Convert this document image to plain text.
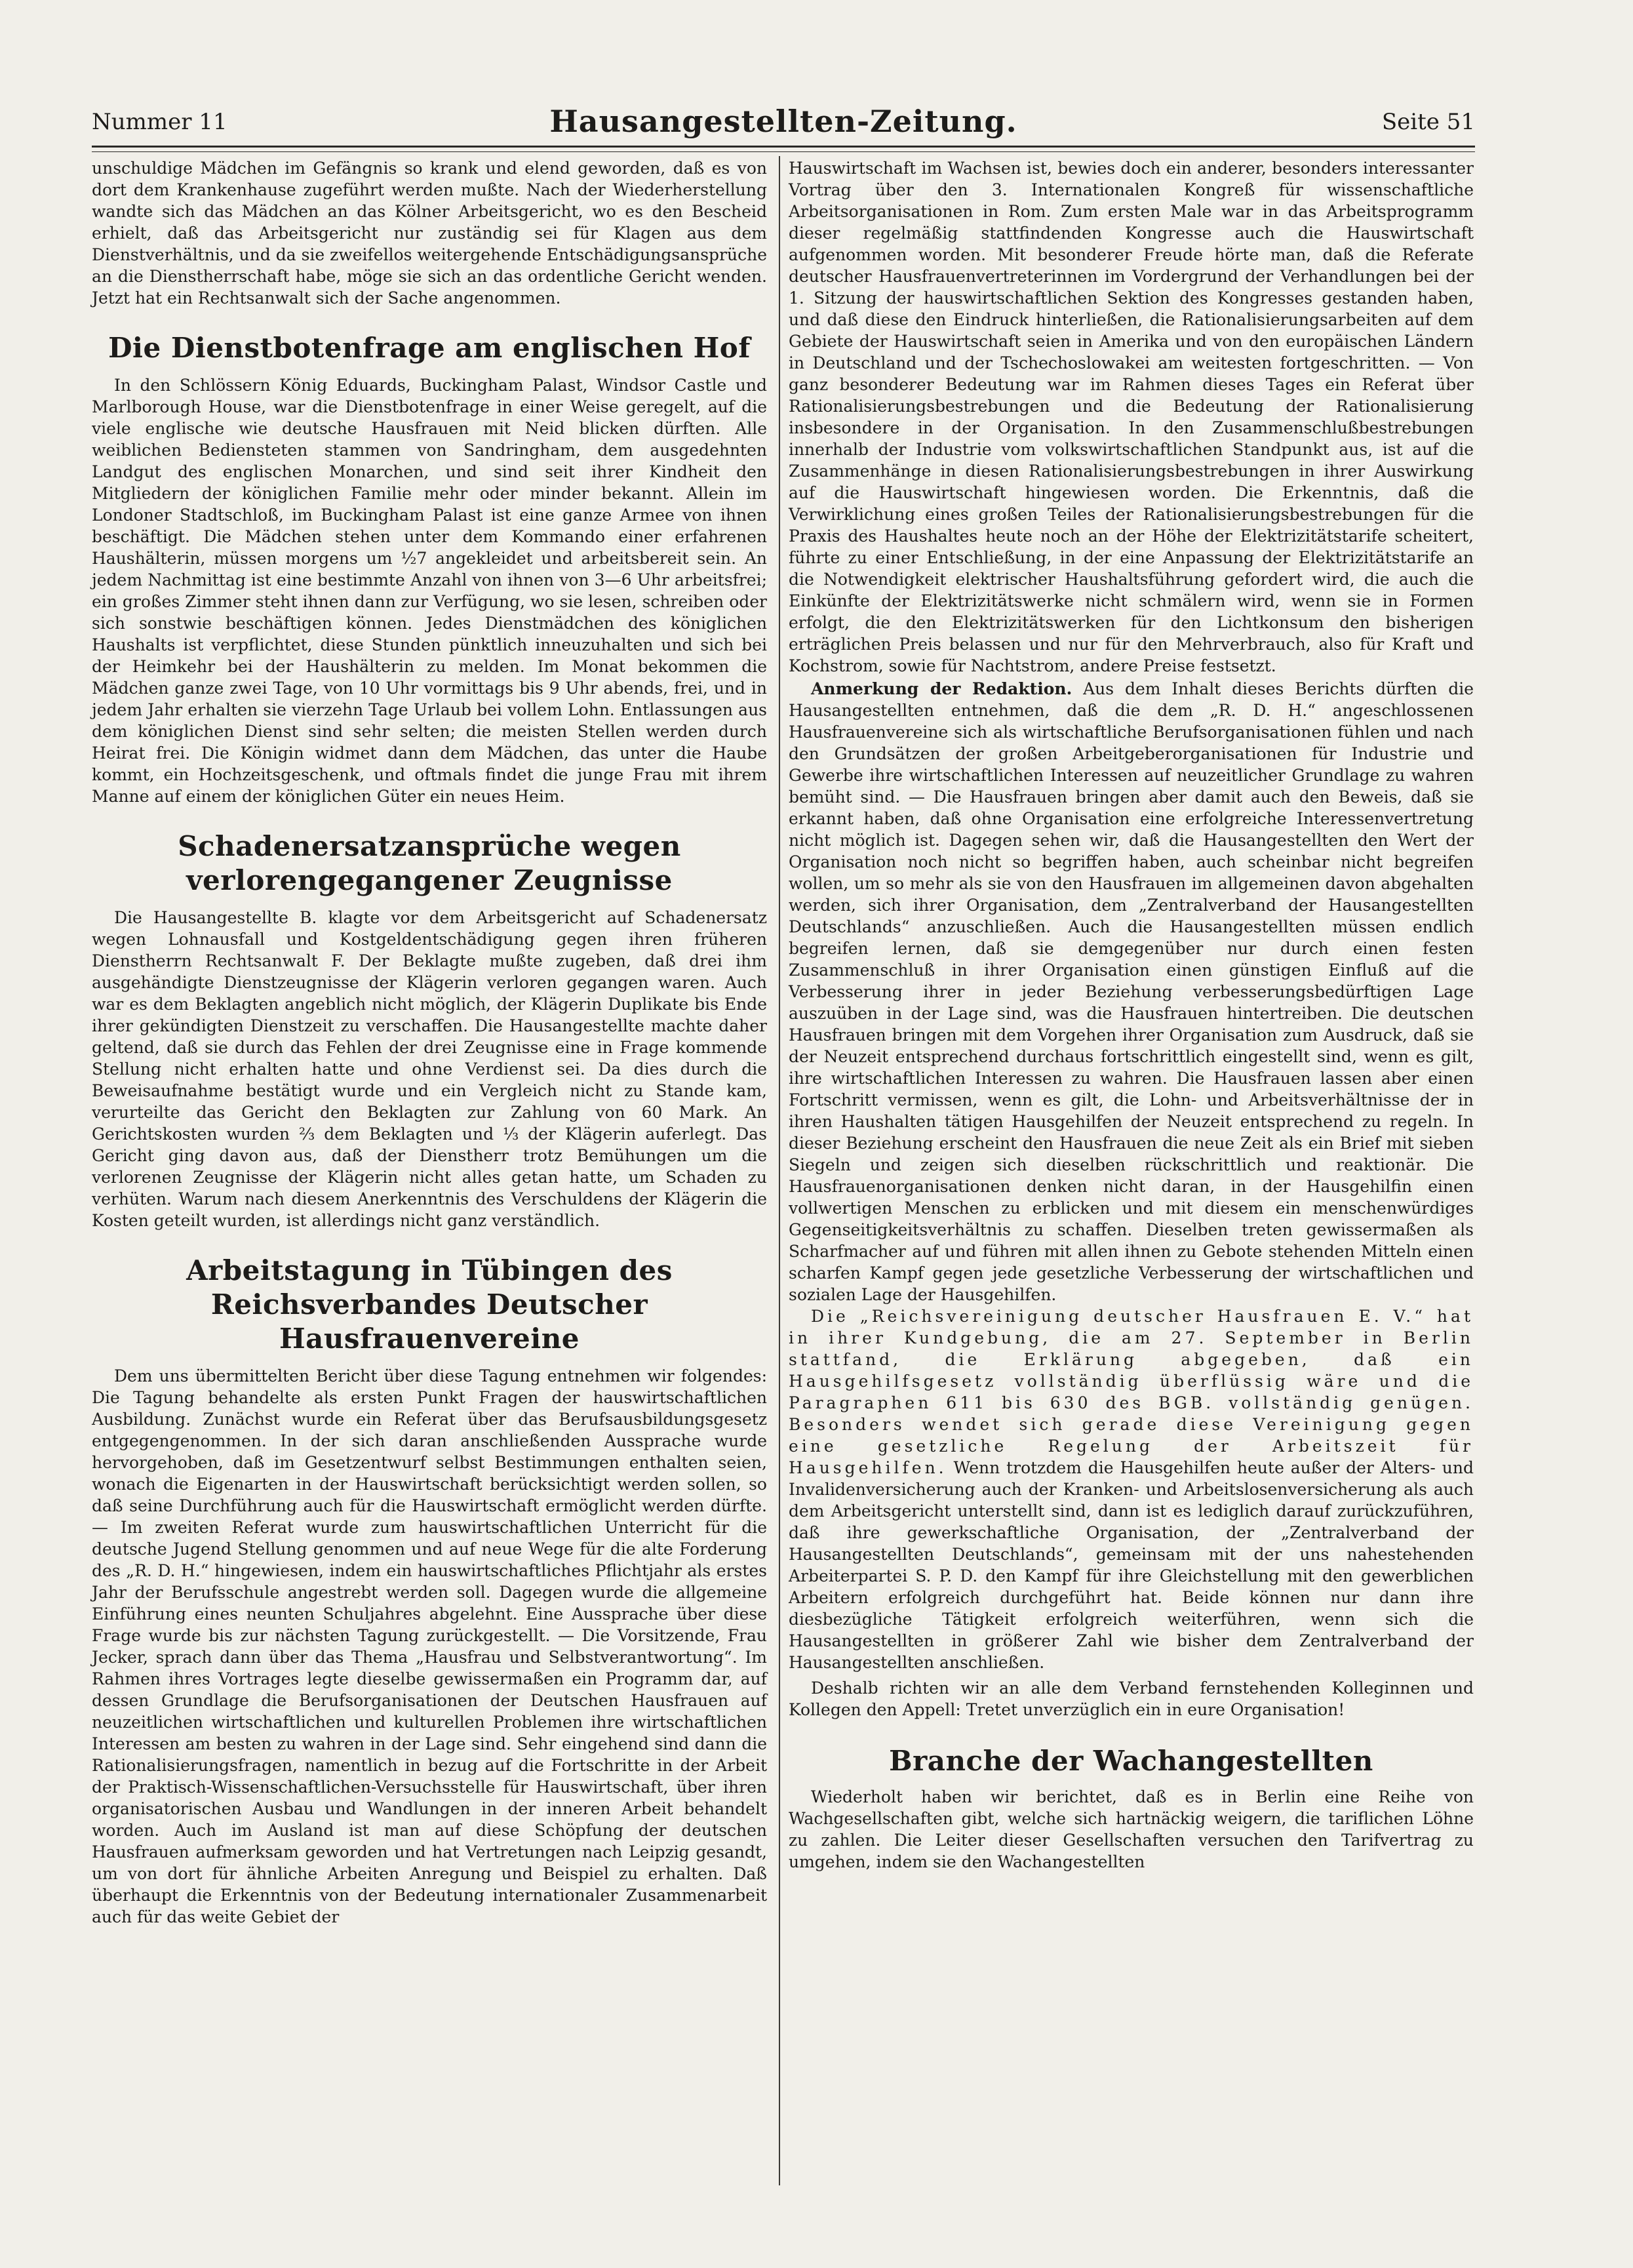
Nummer 11	Hausangestellten-Zeitung.	Seite 51

unschuldige Mädchen im Gefängnis so krank und elend geworden, daß es von dort dem Krankenhause zugeführt werden mußte. Nach der Wiederherstellung wandte sich das Mädchen an das Kölner Arbeitsgericht, wo es den Bescheid erhielt, daß das Arbeitsgericht nur zuständig sei für Klagen aus dem Dienstverhältnis, und da sie zweifellos weitergehende Entschädigungsansprüche an die Dienstherrschaft habe, möge sie sich an das ordentliche Gericht wenden. Jetzt hat ein Rechtsanwalt sich der Sache angenommen.

Die Dienstbotenfrage am englischen Hof

In den Schlössern König Eduards, Buckingham Palast, Windsor Castle und Marlborough House, war die Dienstbotenfrage in einer Weise geregelt, auf die viele englische wie deutsche Hausfrauen mit Neid blicken dürften. Alle weiblichen Bediensteten stammen von Sandringham, dem ausgedehnten Landgut des englischen Monarchen, und sind seit ihrer Kindheit den Mitgliedern der königlichen Familie mehr oder minder bekannt. Allein im Londoner Stadtschloß, im Buckingham Palast ist eine ganze Armee von ihnen beschäftigt. Die Mädchen stehen unter dem Kommando einer erfahrenen Haushälterin, müssen morgens um ½7 angekleidet und arbeitsbereit sein. An jedem Nachmittag ist eine bestimmte Anzahl von ihnen von 3—6 Uhr arbeitsfrei; ein großes Zimmer steht ihnen dann zur Verfügung, wo sie lesen, schreiben oder sich sonstwie beschäftigen können. Jedes Dienstmädchen des königlichen Haushalts ist verpflichtet, diese Stunden pünktlich inneuzuhalten und sich bei der Heimkehr bei der Haushälterin zu melden. Im Monat bekommen die Mädchen ganze zwei Tage, von 10 Uhr vormittags bis 9 Uhr abends, frei, und in jedem Jahr erhalten sie vierzehn Tage Urlaub bei vollem Lohn. Entlassungen aus dem königlichen Dienst sind sehr selten; die meisten Stellen werden durch Heirat frei. Die Königin widmet dann dem Mädchen, das unter die Haube kommt, ein Hochzeitsgeschenk, und oftmals findet die junge Frau mit ihrem Manne auf einem der königlichen Güter ein neues Heim.

Schadenersatzansprüche wegen verlorengegangener Zeugnisse

Die Hausangestellte B. klagte vor dem Arbeitsgericht auf Schadenersatz wegen Lohnausfall und Kostgeldentschädigung gegen ihren früheren Dienstherrn Rechtsanwalt F. Der Beklagte mußte zugeben, daß drei ihm ausgehändigte Dienstzeugnisse der Klägerin verloren gegangen waren. Auch war es dem Beklagten angeblich nicht möglich, der Klägerin Duplikate bis Ende ihrer gekündigten Dienstzeit zu verschaffen. Die Hausangestellte machte daher geltend, daß sie durch das Fehlen der drei Zeugnisse eine in Frage kommende Stellung nicht erhalten hatte und ohne Verdienst sei. Da dies durch die Beweisaufnahme bestätigt wurde und ein Vergleich nicht zu Stande kam, verurteilte das Gericht den Beklagten zur Zahlung von 60 Mark. An Gerichtskosten wurden ⅔ dem Beklagten und ⅓ der Klägerin auferlegt. Das Gericht ging davon aus, daß der Dienstherr trotz Bemühungen um die verlorenen Zeugnisse der Klägerin nicht alles getan hatte, um Schaden zu verhüten. Warum nach diesem Anerkenntnis des Verschuldens der Klägerin die Kosten geteilt wurden, ist allerdings nicht ganz verständlich.

Arbeitstagung in Tübingen des Reichsverbandes Deutscher Hausfrauenvereine

Dem uns übermittelten Bericht über diese Tagung entnehmen wir folgendes: Die Tagung behandelte als ersten Punkt Fragen der hauswirtschaftlichen Ausbildung. Zunächst wurde ein Referat über das Berufsausbildungsgesetz entgegengenommen. In der sich daran anschließenden Aussprache wurde hervorgehoben, daß im Gesetzentwurf selbst Bestimmungen enthalten seien, wonach die Eigenarten in der Hauswirtschaft berücksichtigt werden sollen, so daß seine Durchführung auch für die Hauswirtschaft ermöglicht werden dürfte. — Im zweiten Referat wurde zum hauswirtschaftlichen Unterricht für die deutsche Jugend Stellung genommen und auf neue Wege für die alte Forderung des „R. D. H.“ hingewiesen, indem ein hauswirtschaftliches Pflichtjahr als erstes Jahr der Berufsschule angestrebt werden soll. Dagegen wurde die allgemeine Einführung eines neunten Schuljahres abgelehnt. Eine Aussprache über diese Frage wurde bis zur nächsten Tagung zurückgestellt. — Die Vorsitzende, Frau Jecker, sprach dann über das Thema „Hausfrau und Selbstverantwortung“. Im Rahmen ihres Vortrages legte dieselbe gewissermaßen ein Programm dar, auf dessen Grundlage die Berufsorganisationen der Deutschen Hausfrauen auf neuzeitlichen wirtschaftlichen und kulturellen Problemen ihre wirtschaftlichen Interessen am besten zu wahren in der Lage sind. Sehr eingehend sind dann die Rationalisierungsfragen, namentlich in bezug auf die Fortschritte in der Arbeit der Praktisch-Wissenschaftlichen-Versuchsstelle für Hauswirtschaft, über ihren organisatorischen Ausbau und Wandlungen in der inneren Arbeit behandelt worden. Auch im Ausland ist man auf diese Schöpfung der deutschen Hausfrauen aufmerksam geworden und hat Vertretungen nach Leipzig gesandt, um von dort für ähnliche Arbeiten Anregung und Beispiel zu erhalten. Daß überhaupt die Erkenntnis von der Bedeutung internationaler Zusammenarbeit auch für das weite Gebiet der

Hauswirtschaft im Wachsen ist, bewies doch ein anderer, besonders interessanter Vortrag über den 3. Internationalen Kongreß für wissenschaftliche Arbeitsorganisationen in Rom. Zum ersten Male war in das Arbeitsprogramm dieser regelmäßig stattfindenden Kongresse auch die Hauswirtschaft aufgenommen worden. Mit besonderer Freude hörte man, daß die Referate deutscher Hausfrauenvertreterinnen im Vordergrund der Verhandlungen bei der 1. Sitzung der hauswirtschaftlichen Sektion des Kongresses gestanden haben, und daß diese den Eindruck hinterließen, die Rationalisierungsarbeiten auf dem Gebiete der Hauswirtschaft seien in Amerika und von den europäischen Ländern in Deutschland und der Tschechoslowakei am weitesten fortgeschritten. — Von ganz besonderer Bedeutung war im Rahmen dieses Tages ein Referat über Rationalisierungsbestrebungen und die Bedeutung der Rationalisierung insbesondere in der Organisation. In den Zusammenschlußbestrebungen innerhalb der Industrie vom volkswirtschaftlichen Standpunkt aus, ist auf die Zusammenhänge in diesen Rationalisierungsbestrebungen in ihrer Auswirkung auf die Hauswirtschaft hingewiesen worden. Die Erkenntnis, daß die Verwirklichung eines großen Teiles der Rationalisierungsbestrebungen für die Praxis des Haushaltes heute noch an der Höhe der Elektrizitätstarife scheitert, führte zu einer Entschließung, in der eine Anpassung der Elektrizitätstarife an die Notwendigkeit elektrischer Haushaltsführung gefordert wird, die auch die Einkünfte der Elektrizitätswerke nicht schmälern wird, wenn sie in Formen erfolgt, die den Elektrizitätswerken für den Lichtkonsum den bisherigen erträglichen Preis belassen und nur für den Mehrverbrauch, also für Kraft und Kochstrom, sowie für Nachtstrom, andere Preise festsetzt.

Anmerkung der Redaktion. Aus dem Inhalt dieses Berichts dürften die Hausangestellten entnehmen, daß die dem „R. D. H.“ angeschlossenen Hausfrauenvereine sich als wirtschaftliche Berufsorganisationen fühlen und nach den Grundsätzen der großen Arbeitgeberorganisationen für Industrie und Gewerbe ihre wirtschaftlichen Interessen auf neuzeitlicher Grundlage zu wahren bemüht sind. — Die Hausfrauen bringen aber damit auch den Beweis, daß sie erkannt haben, daß ohne Organisation eine erfolgreiche Interessenvertretung nicht möglich ist. Dagegen sehen wir, daß die Hausangestellten den Wert der Organisation noch nicht so begriffen haben, auch scheinbar nicht begreifen wollen, um so mehr als sie von den Hausfrauen im allgemeinen davon abgehalten werden, sich ihrer Organisation, dem „Zentralverband der Hausangestellten Deutschlands“ anzuschließen. Auch die Hausangestellten müssen endlich begreifen lernen, daß sie demgegenüber nur durch einen festen Zusammenschluß in ihrer Organisation einen günstigen Einfluß auf die Verbesserung ihrer in jeder Beziehung verbesserungsbedürftigen Lage auszuüben in der Lage sind, was die Hausfrauen hintertreiben. Die deutschen Hausfrauen bringen mit dem Vorgehen ihrer Organisation zum Ausdruck, daß sie der Neuzeit entsprechend durchaus fortschrittlich eingestellt sind, wenn es gilt, ihre wirtschaftlichen Interessen zu wahren. Die Hausfrauen lassen aber einen Fortschritt vermissen, wenn es gilt, die Lohn- und Arbeitsverhältnisse der in ihren Haushalten tätigen Hausgehilfen der Neuzeit entsprechend zu regeln. In dieser Beziehung erscheint den Hausfrauen die neue Zeit als ein Brief mit sieben Siegeln und zeigen sich dieselben rückschrittlich und reaktionär. Die Hausfrauenorganisationen denken nicht daran, in der Hausgehilfin einen vollwertigen Menschen zu erblicken und mit diesem ein menschenwürdiges Gegenseitigkeitsverhältnis zu schaffen. Dieselben treten gewissermaßen als Scharfmacher auf und führen mit allen ihnen zu Gebote stehenden Mitteln einen scharfen Kampf gegen jede gesetzliche Verbesserung der wirtschaftlichen und sozialen Lage der Hausgehilfen.

Die „Reichsvereinigung deutscher Hausfrauen E. V.“ hat in ihrer Kundgebung, die am 27. September in Berlin stattfand, die Erklärung abgegeben, daß ein Hausgehilfsgesetz vollständig überflüssig wäre und die Paragraphen 611 bis 630 des BGB. vollständig genügen. Besonders wendet sich gerade diese Vereinigung gegen eine gesetzliche Regelung der Arbeitszeit für Hausgehilfen. Wenn trotzdem die Hausgehilfen heute außer der Alters- und Invalidenversicherung auch der Kranken- und Arbeitslosenversicherung als auch dem Arbeitsgericht unterstellt sind, dann ist es lediglich darauf zurückzuführen, daß ihre gewerkschaftliche Organisation, der „Zentralverband der Hausangestellten Deutschlands“, gemeinsam mit der uns nahestehenden Arbeiterpartei S. P. D. den Kampf für ihre Gleichstellung mit den gewerblichen Arbeitern erfolgreich durchgeführt hat. Beide können nur dann ihre diesbezügliche Tätigkeit erfolgreich weiterführen, wenn sich die Hausangestellten in größerer Zahl wie bisher dem Zentralverband der Hausangestellten anschließen.

Deshalb richten wir an alle dem Verband fernstehenden Kolleginnen und Kollegen den Appell: Tretet unverzüglich ein in eure Organisation!

Branche der Wachangestellten

Wiederholt haben wir berichtet, daß es in Berlin eine Reihe von Wachgesellschaften gibt, welche sich hartnäckig weigern, die tariflichen Löhne zu zahlen. Die Leiter dieser Gesellschaften versuchen den Tarifvertrag zu umgehen, indem sie den Wachangestellten
